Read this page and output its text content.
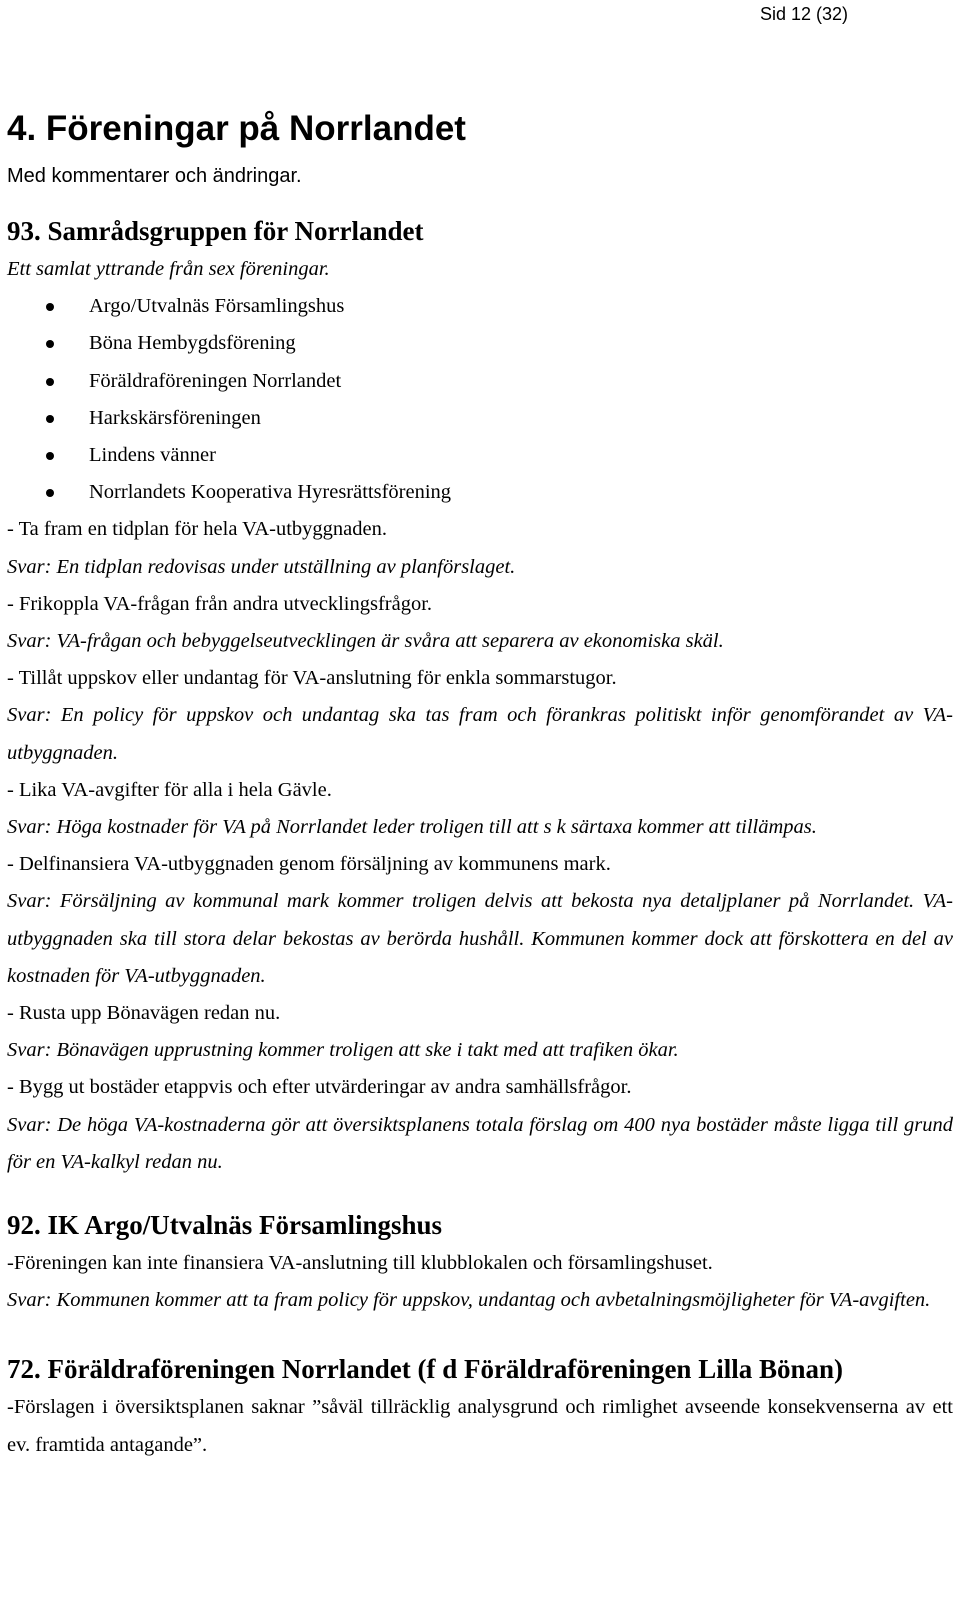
Sid 12 (32)
4. Föreningar på Norrlandet
Med kommentarer och ändringar.
93. Samrådsgruppen för Norrlandet

Ett samlat yttrande från sex föreningar.

Argo/Utvalnäs Församlingshus
Böna Hembygdsförening
Föräldraföreningen Norrlandet
Harkskärsföreningen
Lindens vänner
Norrlandets Kooperativa Hyresrättsförening

- Ta fram en tidplan för hela VA-utbyggnaden.

Svar: En tidplan redovisas under utställning av planförslaget.

- Frikoppla VA-frågan från andra utvecklingsfrågor.

Svar: VA-frågan och bebyggelseutvecklingen är svåra att separera av ekonomiska skäl.

- Tillåt uppskov eller undantag för VA-anslutning för enkla sommarstugor.

Svar: En policy för uppskov och undantag ska tas fram och förankras politiskt inför genomförandet av VA-utbyggnaden.

- Lika VA-avgifter för alla i hela Gävle.

Svar: Höga kostnader för VA på Norrlandet leder troligen till att s k särtaxa kommer att tillämpas.

- Delfinansiera VA-utbyggnaden genom försäljning av kommunens mark.

Svar: Försäljning av kommunal mark kommer troligen delvis att bekosta nya detaljplaner på Norrlandet. VA-utbyggnaden ska till stora delar bekostas av berörda hushåll. Kommunen kommer dock att förskottera en del av kostnaden för VA-utbyggnaden.

- Rusta upp Bönavägen redan nu.

Svar: Bönavägen upprustning kommer troligen att ske i takt med att trafiken ökar.

- Bygg ut bostäder etappvis och efter utvärderingar av andra samhällsfrågor.

Svar: De höga VA-kostnaderna gör att översiktsplanens totala förslag om 400 nya bostäder måste ligga till grund för en VA-kalkyl redan nu.

92. IK Argo/Utvalnäs Församlingshus

-Föreningen kan inte finansiera VA-anslutning till klubblokalen och församlingshuset.

Svar: Kommunen kommer att ta fram policy för uppskov, undantag och avbetalningsmöjligheter för VA-avgiften.

72. Föräldraföreningen Norrlandet (f d Föräldraföreningen Lilla Bönan)

-Förslagen i översiktsplanen saknar ”såväl tillräcklig analysgrund och rimlighet avseende konsekvenserna av ett ev. framtida antagande”.
